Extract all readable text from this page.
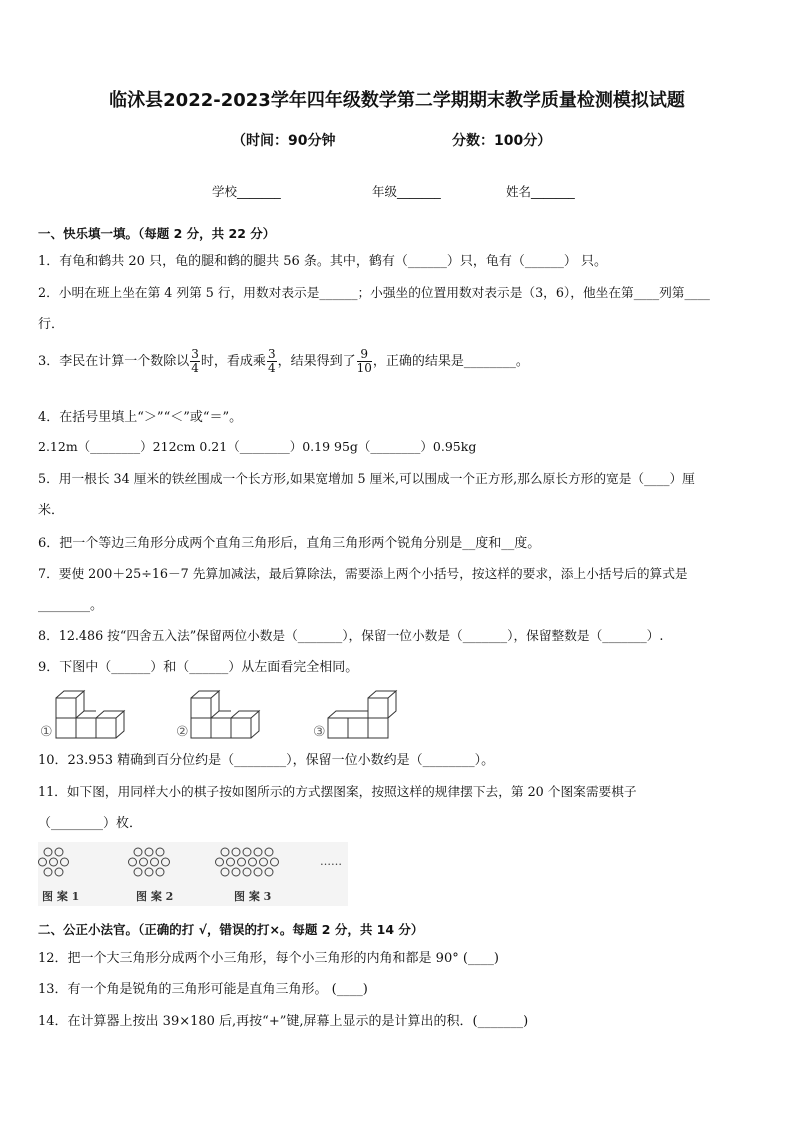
临沭县2022-2023学年四年级数学第二学期期末教学质量检测模拟试题
（时间：90分钟	分数：100分）
学校_______	年级_______	姓名_______
一、快乐填一填。（每题 2 分，共 22 分）
1．有龟和鹤共 20 只，龟的腿和鹤的腿共 56 条。其中，鹤有（______）只，龟有（______） 只。
2．小明在班上坐在第 4 列第 5 行，用数对表示是______；小强坐的位置用数对表示是（3，6），他坐在第____列第____
行．
3．李民在计算一个数除以 $\frac{3}{4}$ 时，看成乘 $\frac{3}{4}$ ，结果得到了 $\frac{9}{10}$ ，正确的结果是________。
4．在括号里填上“＞”“＜”或“＝”。
2.12m（________）212cm 0.21（________）0.19 95g（________）0.95kg
5．用一根长 34 厘米的铁丝围成一个长方形,如果宽增加 5 厘米,可以围成一个正方形,那么原长方形的宽是（____）厘
米．
6．把一个等边三角形分成两个直角三角形后，直角三角形两个锐角分别是__度和__度。
7．要使 200＋25÷16－7 先算加减法，最后算除法，需要添上两个小括号，按这样的要求，添上小括号后的算式是
________。
8．12.486 按“四舍五入法”保留两位小数是（_______），保留一位小数是（_______），保留整数是（_______）.
9．下图中（______）和（______）从左面看完全相同。
①	②	③
10．23.953 精确到百分位约是（________），保留一位小数约是（________）。
11．如下图，用同样大小的棋子按如图所示的方式摆图案，按照这样的规律摆下去，第 20 个图案需要棋子
（________）枚．
……
图 案 1	图 案 2	图 案 3
二、公正小法官。（正确的打 √，错误的打×。每题 2 分，共 14 分）
12．把一个大三角形分成两个小三角形，每个小三角形的内角和都是 90° (____)
13．有一个角是锐角的三角形可能是直角三角形。 (____)
14．在计算器上按出 39×180 后,再按“+”键,屏幕上显示的是计算出的积．(_______)
